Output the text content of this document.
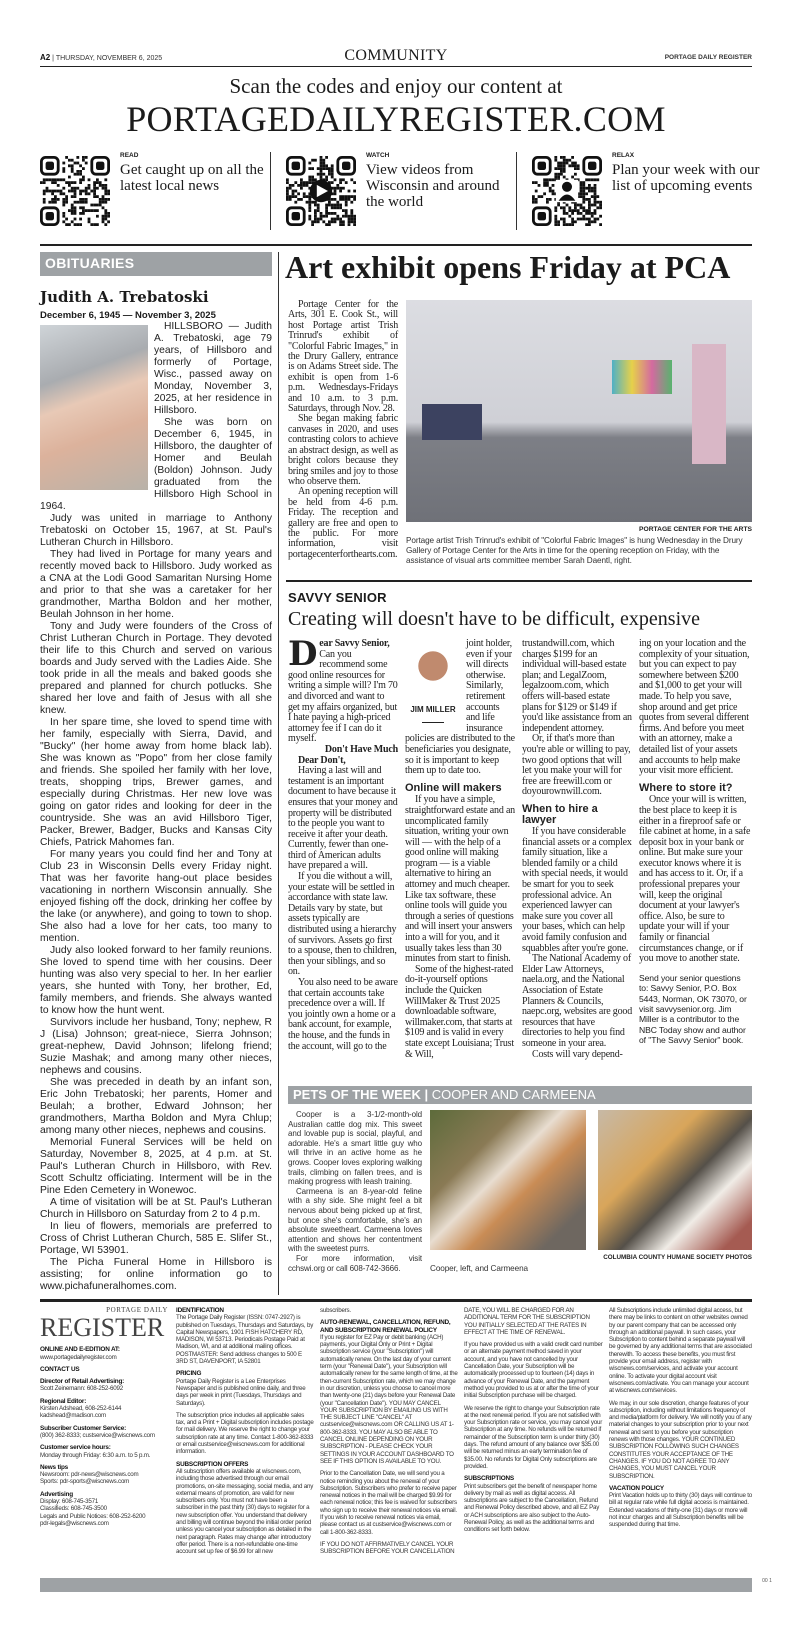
A2 | THURSDAY, NOVEMBER 6, 2025	COMMUNITY	PORTAGE DAILY REGISTER
Scan the codes and enjoy our content at
PORTAGEDAILYREGISTER.COM
READ
Get caught up on all the latest local news
WATCH
View videos from Wisconsin and around the world
RELAX
Plan your week with our list of upcoming events
OBITUARIES
Judith A. Trebatoski
December 6, 1945 — November 3, 2025

HILLSBORO — Judith A. Trebatoski, age 79 years, of Hillsboro and formerly of Portage, Wisc., passed away on Monday, November 3, 2025, at her residence in Hillsboro.

She was born on December 6, 1945, in Hillsboro, the daughter of Homer and Beulah (Boldon) Johnson. Judy graduated from the Hillsboro High School in 1964.

Judy was united in marriage to Anthony Trebatoski on October 15, 1967, at St. Paul's Lutheran Church in Hillsboro.

They had lived in Portage for many years and recently moved back to Hillsboro. Judy worked as a CNA at the Lodi Good Samaritan Nursing Home and prior to that she was a caretaker for her grandmother, Martha Boldon and her mother, Beulah Johnson in her home.

Tony and Judy were founders of the Cross of Christ Lutheran Church in Portage. They devoted their life to this Church and served on various boards and Judy served with the Ladies Aide. She took pride in all the meals and baked goods she prepared and planned for church potlucks. She shared her love and faith of Jesus with all she knew.

In her spare time, she loved to spend time with her family, especially with Sierra, David, and "Bucky" (her home away from home black lab). She was known as "Popo" from her close family and friends. She spoiled her family with her love, treats, shopping trips, Brewer games, and especially during Christmas. Her new love was going on gator rides and looking for deer in the countryside. She was an avid Hillsboro Tiger, Packer, Brewer, Badger, Bucks and Kansas City Chiefs, Patrick Mahomes fan.

For many years you could find her and Tony at Club 23 in Wisconsin Dells every Friday night. That was her favorite hang-out place besides vacationing in northern Wisconsin annually. She enjoyed fishing off the dock, drinking her coffee by the lake (or anywhere), and going to town to shop. She also had a love for her cats, too many to mention.

Judy also looked forward to her family reunions. She loved to spend time with her cousins. Deer hunting was also very special to her. In her earlier years, she hunted with Tony, her brother, Ed, family members, and friends. She always wanted to know how the hunt went.

Survivors include her husband, Tony; nephew, R J (Lisa) Johnson; great-niece, Sierra Johnson; great-nephew, David Johnson; lifelong friend; Suzie Mashak; and among many other nieces, nephews and cousins.

She was preceded in death by an infant son, Eric John Trebatoski; her parents, Homer and Beulah; a brother, Edward Johnson; her grandmothers, Martha Boldon and Myra Chlup; among many other nieces, nephews and cousins.

Memorial Funeral Services will be held on Saturday, November 8, 2025, at 4 p.m. at St. Paul's Lutheran Church in Hillsboro, with Rev. Scott Schultz officiating. Interment will be in the Pine Eden Cemetery in Wonewoc.

A time of visitation will be at St. Paul's Lutheran Church in Hillsboro on Saturday from 2 to 4 p.m.

In lieu of flowers, memorials are preferred to Cross of Christ Lutheran Church, 585 E. Slifer St., Portage, WI 53901.

The Picha Funeral Home in Hillsboro is assisting; for online information go to www.pichafuneralhomes.com.

Art exhibit opens Friday at PCA

Portage Center for the Arts, 301 E. Cook St., will host Portage artist Trish Trinrud's exhibit of "Colorful Fabric Images," in the Drury Gallery, entrance is on Adams Street side. The exhibit is open from 1-6 p.m. Wednesdays-Fridays and 10 a.m. to 3 p.m. Saturdays, through Nov. 28.

She began making fabric canvases in 2020, and uses contrasting colors to achieve an abstract design, as well as bright colors because they bring smiles and joy to those who observe them.

An opening reception will be held from 4-6 p.m. Friday. The reception and gallery are free and open to the public. For more information, visit portagecenterforthearts.com.

PORTAGE CENTER FOR THE ARTS
Portage artist Trish Trinrud's exhibit of "Colorful Fabric Images" is hung Wednesday in the Drury Gallery of Portage Center for the Arts in time for the opening reception on Friday, with the assistance of visual arts committee member Sarah Daentl, right.
SAVVY SENIOR
Creating will doesn't have to be difficult, expensive

Dear Savvy Senior,
Can you recommend some good online resources for writing a simple will? I'm 70 and divorced and want to get my affairs organized, but I hate paying a high-priced attorney fee if I can do it myself.

Don't Have Much

Dear Don't,

Having a last will and testament is an important document to have because it ensures that your money and property will be distributed to the people you want to receive it after your death. Currently, fewer than one-third of American adults have prepared a will.

If you die without a will, your estate will be settled in accordance with state law. Details vary by state, but assets typically are distributed using a hierarchy of survivors. Assets go first to a spouse, then to children, then your siblings, and so on.

You also need to be aware that certain accounts take precedence over a will. If you jointly own a home or a bank account, for example, the house, and the funds in the account, will go to the

JIM MILLER

joint holder, even if your will directs otherwise. Similarly, retirement accounts and life insurance policies are distributed to the beneficiaries you designate, so it is important to keep them up to date too.

Online will makers

If you have a simple, straightforward estate and an uncomplicated family situation, writing your own will — with the help of a good online will making program — is a viable alternative to hiring an attorney and much cheaper. Like tax software, these online tools will guide you through a series of questions and will insert your answers into a will for you, and it usually takes less than 30 minutes from start to finish.

Some of the highest-rated do-it-yourself options include the Quicken WillMaker & Trust 2025 downloadable software, willmaker.com, that starts at $109 and is valid in every state except Louisiana; Trust & Will,

trustandwill.com, which charges $199 for an individual will-based estate plan; and LegalZoom, legalzoom.com, which offers will-based estate plans for $129 or $149 if you'd like assistance from an independent attorney.

Or, if that's more than you're able or willing to pay, two good options that will let you make your will for free are freewill.com or doyourownwill.com.

When to hire a lawyer

If you have considerable financial assets or a complex family situation, like a blended family or a child with special needs, it would be smart for you to seek professional advice. An experienced lawyer can make sure you cover all your bases, which can help avoid family confusion and squabbles after you're gone.

The National Academy of Elder Law Attorneys, naela.org, and the National Association of Estate Planners & Councils, naepc.org, websites are good resources that have directories to help you find someone in your area.

Costs will vary depend-

ing on your location and the complexity of your situation, but you can expect to pay somewhere between $200 and $1,000 to get your will made. To help you save, shop around and get price quotes from several different firms. And before you meet with an attorney, make a detailed list of your assets and accounts to help make your visit more efficient.

Where to store it?

Once your will is written, the best place to keep it is either in a fireproof safe or file cabinet at home, in a safe deposit box in your bank or online. But make sure your executor knows where it is and has access to it. Or, if a professional prepares your will, keep the original document at your lawyer's office. Also, be sure to update your will if your family or financial circumstances change, or if you move to another state.

Send your senior questions to: Savvy Senior, P.O. Box 5443, Norman, OK 73070, or visit savvysenior.org. Jim Miller is a contributor to the NBC Today show and author of "The Savvy Senior" book.

PETS OF THE WEEK | COOPER AND CARMEENA

Cooper is a 3-1/2-month-old Australian cattle dog mix. This sweet and lovable pup is social, playful, and adorable. He's a smart little guy who will thrive in an active home as he grows. Cooper loves exploring walking trails, climbing on fallen trees, and is making progress with leash training.

Carmeena is an 8-year-old feline with a shy side. She might feel a bit nervous about being picked up at first, but once she's comfortable, she's an absolute sweetheart. Carmeena loves attention and shows her contentment with the sweetest purrs.

For more information, visit cchswi.org or call 608-742-3666.

COLUMBIA COUNTY HUMANE SOCIETY PHOTOS
Cooper, left, and Carmeena
PORTAGE DAILY
REGISTER
ONLINE AND E-EDITION AT:

www.portagedailyregister.com

CONTACT US
Director of Retail Advertising:

Scott Zeinemann: 608-252-6092

Regional Editor:

Kirsten Adshead, 608-252-6144

kadshead@madison.com

Subscriber Customer Service:

(800) 362-8333; custservice@wiscnews.com

Customer service hours:

Monday through Friday: 6:30 a.m. to 5 p.m.

News tips

Newsroom: pdr-news@wiscnews.com

Sports: pdr-sports@wiscnews.com

Advertising

Display: 608-745-3571

Classifieds: 608-745-3500

Legals and Public Notices: 608-252-6200

pdr-legals@wiscnews.com

IDENTIFICATION

The Portage Daily Register (ISSN: 0747-2927) is published on Tuesdays, Thursdays and Saturdays, by Capital Newspapers, 1901 FISH HATCHERY RD, MADISON, WI 53713. Periodicals Postage Paid at Madison, WI, and at additional mailing offices. POSTMASTER: Send address changes to 500 E 3RD ST, DAVENPORT, IA 52801

PRICING

Portage Daily Register is a Lee Enterprises Newspaper and is published online daily, and three days per week in print (Tuesdays, Thursdays and Saturdays).

The subscription price includes all applicable sales tax, and a Print + Digital subscription includes postage for mail delivery. We reserve the right to change your subscription rate at any time. Contact 1-800-362-8333 or email custservice@wiscnews.com for additional information.

SUBSCRIPTION OFFERS

All subscription offers available at wiscnews.com, including those advertised through our email promotions, on-site messaging, social media, and any external means of promotion, are valid for new subscribers only. You must not have been a subscriber in the past thirty (30) days to register for a new subscription offer. You understand that delivery and billing will continue beyond the initial order period unless you cancel your subscription as detailed in the next paragraph. Rates may change after introductory offer period. There is a non-refundable one-time account set up fee of $6.99 for all new

subscribers.

AUTO-RENEWAL, CANCELLATION, REFUND, AND SUBSCRIPTION RENEWAL POLICY

If you register for EZ Pay or debit banking (ACH) payments, your Digital Only or Print + Digital subscription service (your "Subscription") will automatically renew. On the last day of your current term (your "Renewal Date"), your Subscription will automatically renew for the same length of time, at the then-current Subscription rate, which we may change in our discretion, unless you choose to cancel more than twenty-one (21) days before your Renewal Date (your "Cancellation Date"). YOU MAY CANCEL YOUR SUBSCRIPTION BY EMAILING US WITH THE SUBJECT LINE "CANCEL" AT custservice@wiscnews.com OR CALLING US AT 1-800-362-8333. YOU MAY ALSO BE ABLE TO CANCEL ONLINE DEPENDING ON YOUR SUBSCRIPTION - PLEASE CHECK YOUR SETTINGS IN YOUR ACCOUNT DASHBOARD TO SEE IF THIS OPTION IS AVAILABLE TO YOU.

Prior to the Cancellation Date, we will send you a notice reminding you about the renewal of your Subscription. Subscribers who prefer to receive paper renewal notices in the mail will be charged $9.99 for each renewal notice; this fee is waived for subscribers who sign up to receive their renewal notices via email. If you wish to receive renewal notices via email, please contact us at custservice@wiscnews.com or call 1-800-362-8333.

IF YOU DO NOT AFFIRMATIVELY CANCEL YOUR SUBSCRIPTION BEFORE YOUR CANCELLATION

DATE, YOU WILL BE CHARGED FOR AN ADDITIONAL TERM FOR THE SUBSCRIPTION YOU INITIALLY SELECTED AT THE RATES IN EFFECT AT THE TIME OF RENEWAL.

If you have provided us with a valid credit card number or an alternate payment method saved in your account, and you have not cancelled by your Cancellation Date, your Subscription will be automatically processed up to fourteen (14) days in advance of your Renewal Date, and the payment method you provided to us at or after the time of your initial Subscription purchase will be charged.

We reserve the right to change your Subscription rate at the next renewal period. If you are not satisfied with your Subscription rate or service, you may cancel your Subscription at any time. No refunds will be returned if remainder of the Subscription term is under thirty (30) days. The refund amount of any balance over $35.00 will be returned minus an early termination fee of $35.00. No refunds for Digital Only subscriptions are provided.

SUBSCRIPTIONS

Print subscribers get the benefit of newspaper home delivery by mail as well as digital access. All subscriptions are subject to the Cancellation, Refund and Renewal Policy described above, and all EZ Pay or ACH subscriptions are also subject to the Auto-Renewal Policy, as well as the additional terms and conditions set forth below.

All Subscriptions include unlimited digital access, but there may be links to content on other websites owned by our parent company that can be accessed only through an additional paywall. In such cases, your Subscription to content behind a separate paywall will be governed by any additional terms that are associated therewith. To access these benefits, you must first provide your email address, register with wiscnews.com/services, and activate your account online. To activate your digital account visit wiscnews.com/activate. You can manage your account at wiscnews.com/services.

We may, in our sole discretion, change features of your subscription, including without limitations frequency of and media/platform for delivery. We will notify you of any material changes to your subscription prior to your next renewal and sent to you before your subscription renews with those changes. YOUR CONTINUED SUBSCRIPTION FOLLOWING SUCH CHANGES CONSTITUTES YOUR ACCEPTANCE OF THE CHANGES. IF YOU DO NOT AGREE TO ANY CHANGES, YOU MUST CANCEL YOUR SUBSCRIPTION.

VACATION POLICY

Print Vacation holds up to thirty (30) days will continue to bill at regular rate while full digital access is maintained. Extended vacations of thirty-one (31) days or more will not incur charges and all Subscription benefits will be suspended during that time.

00 1
